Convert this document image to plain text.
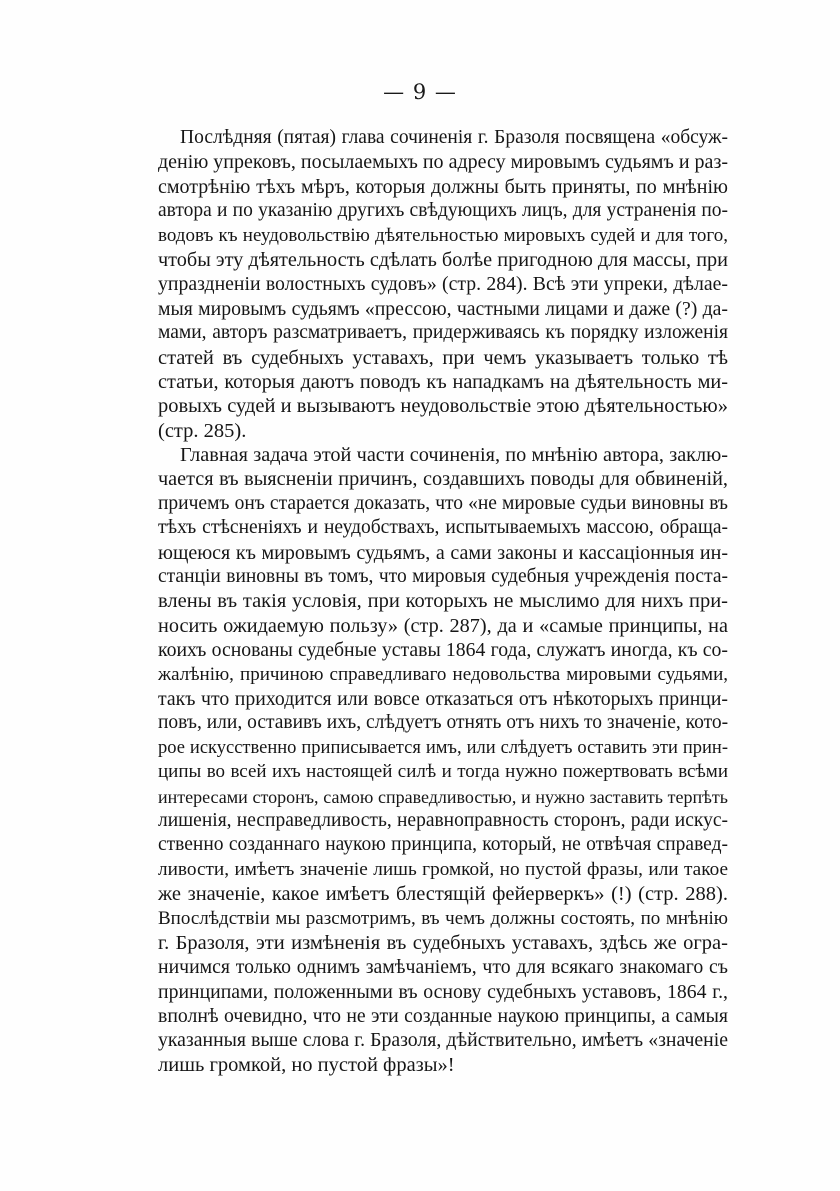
— 9 —
Послѣдняя (пятая) глава сочиненія г. Бразоля посвящена «обсуж-
денію упрековъ, посылаемыхъ по адресу мировымъ судьямъ и раз-
смотрѣнію тѣхъ мѣръ, которыя должны быть приняты, по мнѣнію
автора и по указанію другихъ свѣдующихъ лицъ, для устраненія по-
водовъ къ неудовольствію дѣятельностью мировыхъ судей и для того,
чтобы эту дѣятельность сдѣлать болѣе пригодною для массы, при
упраздненіи волостныхъ судовъ» (стр. 284). Всѣ эти упреки, дѣлае-
мыя мировымъ судьямъ «прессою, частными лицами и даже (?) да-
мами, авторъ разсматриваетъ, придерживаясь къ порядку изложенія
статей въ судебныхъ уставахъ, при чемъ указываетъ только тѣ
статьи, которыя даютъ поводъ къ нападкамъ на дѣятельность ми-
ровыхъ судей и вызываютъ неудовольствіе этою дѣятельностью»
(стр. 285).
Главная задача этой части сочиненія, по мнѣнію автора, заклю-
чается въ выясненіи причинъ, создавшихъ поводы для обвиненій,
причемъ онъ старается доказать, что «не мировые судьи виновны въ
тѣхъ стѣсненіяхъ и неудобствахъ, испытываемыхъ массою, обраща-
ющеюся къ мировымъ судьямъ, а сами законы и кассаціонныя ин-
станціи виновны въ томъ, что мировыя судебныя учрежденія поста-
влены въ такія условія, при которыхъ не мыслимо для нихъ при-
носить ожидаемую пользу» (стр. 287), да и «самые принципы, на
коихъ основаны судебные уставы 1864 года, служатъ иногда, къ со-
жалѣнію, причиною справедливаго недовольства мировыми судьями,
такъ что приходится или вовсе отказаться отъ нѣкоторыхъ принци-
повъ, или, оставивъ ихъ, слѣдуетъ отнять отъ нихъ то значеніе, кото-
рое искусственно приписывается имъ, или слѣдуетъ оставить эти прин-
ципы во всей ихъ настоящей силѣ и тогда нужно пожертвовать всѣми
интересами сторонъ, самою справедливостью, и нужно заставить терпѣть
лишенія, несправедливость, неравноправность сторонъ, ради искус-
ственно созданнаго наукою принципа, который, не отвѣчая справед-
ливости, имѣетъ значеніе лишь громкой, но пустой фразы, или такое
же значеніе, какое имѣетъ блестящій фейерверкъ» (!) (стр. 288).
Впослѣдствіи мы разсмотримъ, въ чемъ должны состоять, по мнѣнію
г. Бразоля, эти измѣненія въ судебныхъ уставахъ, здѣсь же огра-
ничимся только однимъ замѣчаніемъ, что для всякаго знакомаго съ
принципами, положенными въ основу судебныхъ уставовъ, 1864 г.,
вполнѣ очевидно, что не эти созданные наукою принципы, а самыя
указанныя выше слова г. Бразоля, дѣйствительно, имѣетъ «значеніе
лишь громкой, но пустой фразы»!
